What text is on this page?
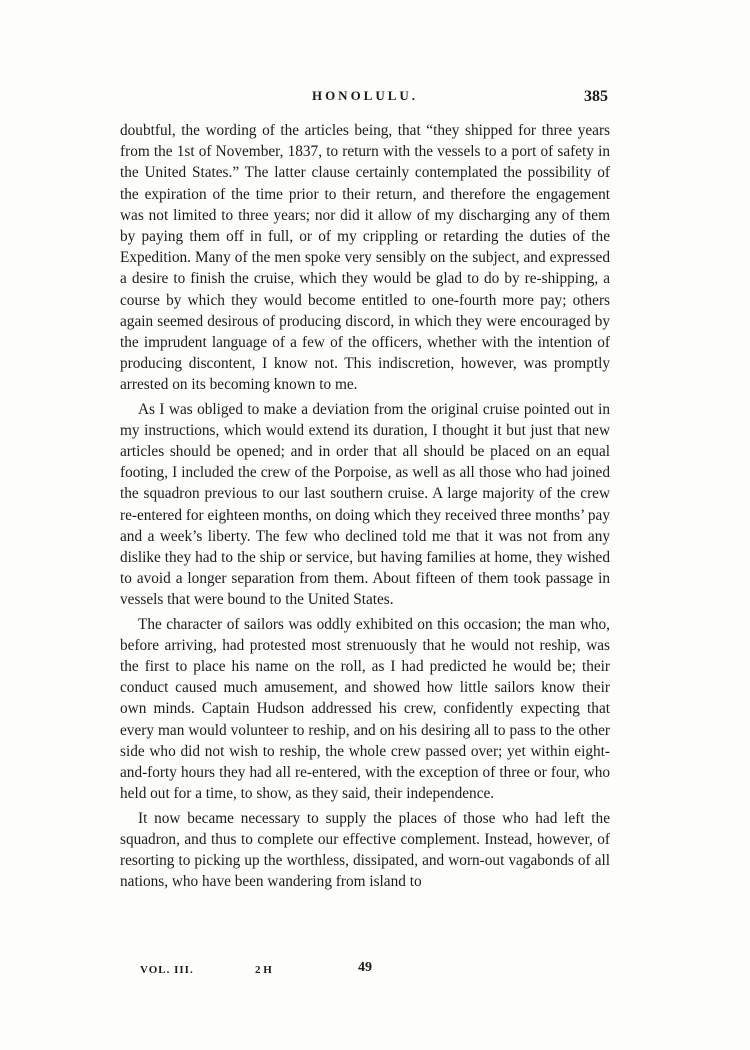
HONOLULU.	385

doubtful, the wording of the articles being, that “they shipped for three years from the 1st of November, 1837, to return with the vessels to a port of safety in the United States.” The latter clause certainly contemplated the possibility of the expiration of the time prior to their return, and therefore the engagement was not limited to three years; nor did it allow of my discharging any of them by paying them off in full, or of my crippling or retarding the duties of the Expedition. Many of the men spoke very sensibly on the subject, and expressed a desire to finish the cruise, which they would be glad to do by re-shipping, a course by which they would become entitled to one-fourth more pay; others again seemed desirous of producing discord, in which they were encouraged by the imprudent language of a few of the officers, whether with the intention of producing discontent, I know not. This indiscretion, however, was promptly arrested on its becoming known to me.

As I was obliged to make a deviation from the original cruise pointed out in my instructions, which would extend its duration, I thought it but just that new articles should be opened; and in order that all should be placed on an equal footing, I included the crew of the Porpoise, as well as all those who had joined the squadron previous to our last southern cruise. A large majority of the crew re-entered for eighteen months, on doing which they received three months’ pay and a week’s liberty. The few who declined told me that it was not from any dislike they had to the ship or service, but having families at home, they wished to avoid a longer separation from them. About fifteen of them took passage in vessels that were bound to the United States.

The character of sailors was oddly exhibited on this occasion; the man who, before arriving, had protested most strenuously that he would not reship, was the first to place his name on the roll, as I had predicted he would be; their conduct caused much amusement, and showed how little sailors know their own minds. Captain Hudson addressed his crew, confidently expecting that every man would volunteer to reship, and on his desiring all to pass to the other side who did not wish to reship, the whole crew passed over; yet within eight-and-forty hours they had all re-entered, with the exception of three or four, who held out for a time, to show, as they said, their independence.

It now became necessary to supply the places of those who had left the squadron, and thus to complete our effective complement. Instead, however, of resorting to picking up the worthless, dissipated, and worn-out vagabonds of all nations, who have been wandering from island to

VOL. III.	2 H	49
